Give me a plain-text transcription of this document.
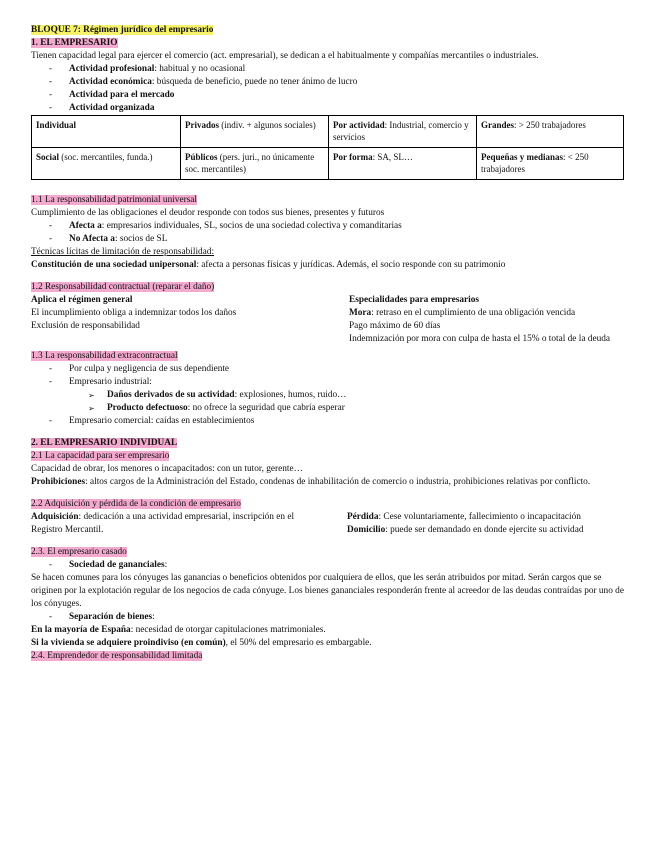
BLOQUE 7: Régimen jurídico del empresario
1. EL EMPRESARIO
Tienen capacidad legal para ejercer el comercio (act. empresarial), se dedican a el habitualmente y compañías mercantiles o industriales.
- Actividad profesional: habitual y no ocasional
- Actividad económica: búsqueda de beneficio, puede no tener ánimo de lucro
- Actividad para el mercado
- Actividad organizada
Individual	Privados (indiv. + algunos sociales)	Por actividad: Industrial, comercio y servicios	Grandes: > 250 trabajadores
Social (soc. mercantiles, funda.)	Públicos (pers. juri., no únicamente soc. mercantiles)	Por forma: SA, SL…	Pequeñas y medianas: < 250 trabajadores
1.1 La responsabilidad patrimonial universal
Cumplimiento de las obligaciones el deudor responde con todos sus bienes, presentes y futuros
- Afecta a: empresarios individuales, SL, socios de una sociedad colectiva y comanditarias
- No Afecta a: socios de SL
Técnicas lícitas de limitación de responsabilidad:
Constitución de una sociedad unipersonal: afecta a personas físicas y jurídicas. Además, el socio responde con su patrimonio
1.2 Responsabilidad contractual (reparar el daño)
Aplica el régimen general
El incumplimiento obliga a indemnizar todos los daños
Exclusión de responsabilidad
Especialidades para empresarios
Mora: retraso en el cumplimiento de una obligación vencida
Pago máximo de 60 días
Indemnización por mora con culpa de hasta el 15% o total de la deuda
1.3 La responsabilidad extracontractual
- Por culpa y negligencia de sus dependiente
- Empresario industrial:
➢ Daños derivados de su actividad: explosiones, humos, ruido…
➢ Producto defectuoso: no ofrece la seguridad que cabría esperar
- Empresario comercial: caídas en establecimientos
2. EL EMPRESARIO INDIVIDUAL
2.1 La capacidad para ser empresario
Capacidad de obrar, los menores o incapacitados: con un tutor, gerente…
Prohibiciones: altos cargos de la Administración del Estado, condenas de inhabilitación de comercio o industria, prohibiciones relativas por conflicto.
2.2 Adquisición y pérdida de la condición de empresario
Adquisición: dedicación a una actividad empresarial, inscripción en el Registro Mercantil.
Pérdida: Cese voluntariamente, fallecimiento o incapacitación
Domicilio: puede ser demandado en donde ejercite su actividad
2.3. El empresario casado
- Sociedad de gananciales:
Se hacen comunes para los cónyuges las ganancias o beneficios obtenidos por cualquiera de ellos, que les serán atribuidos por mitad. Serán cargos que se originen por la explotación regular de los negocios de cada cónyuge. Los bienes gananciales responderán frente al acreedor de las deudas contraídas por uno de los cónyuges.
- Separación de bienes:
En la mayoría de España: necesidad de otorgar capitulaciones matrimoniales.
Si la vivienda se adquiere proindiviso (en común), el 50% del empresario es embargable.
2.4. Emprendedor de responsabilidad limitada
